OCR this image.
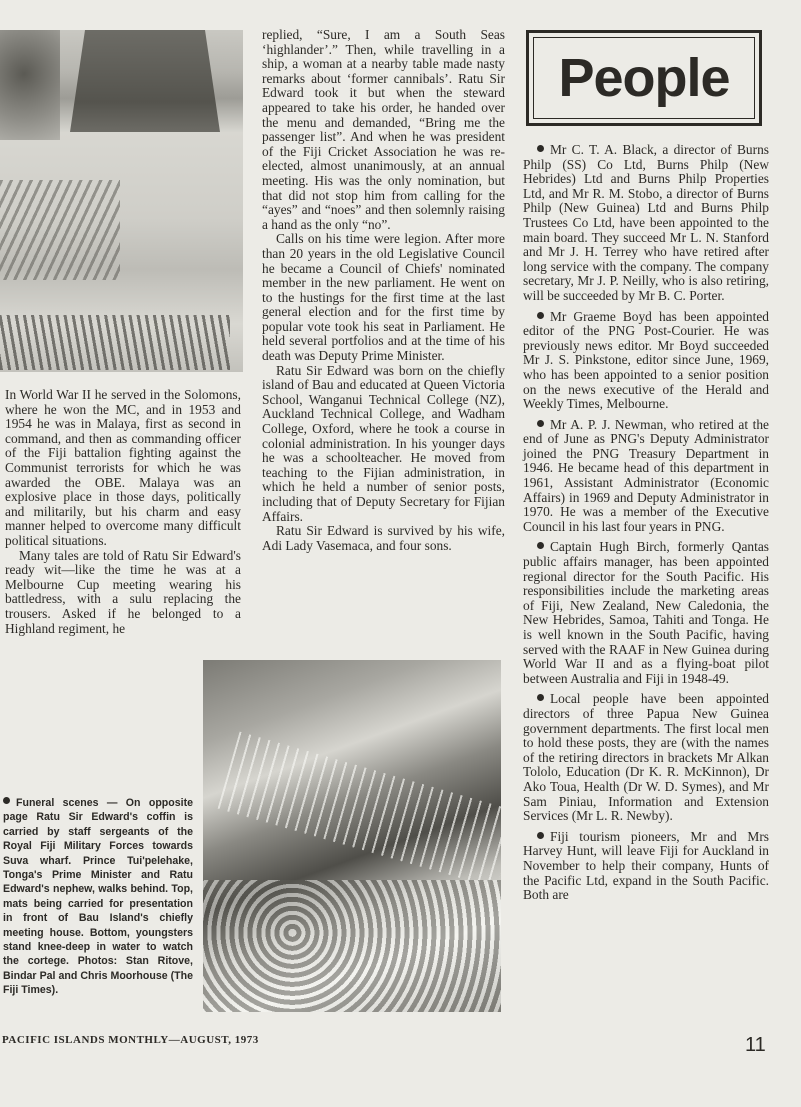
In World War II he served in the Solomons, where he won the MC, and in 1953 and 1954 he was in Malaya, first as second in command, and then as commanding officer of the Fiji battalion fighting against the Communist terrorists for which he was awarded the OBE. Malaya was an explosive place in those days, politically and militarily, but his charm and easy manner helped to overcome many difficult political situations.

Many tales are told of Ratu Sir Edward's ready wit—like the time he was at a Melbourne Cup meeting wearing his battledress, with a sulu replacing the trousers. Asked if he belonged to a Highland regiment, he

replied, “Sure, I am a South Seas ‘highlander’.” Then, while travelling in a ship, a woman at a nearby table made nasty remarks about ‘former cannibals’. Ratu Sir Edward took it but when the steward appeared to take his order, he handed over the menu and demanded, “Bring me the passenger list”. And when he was president of the Fiji Cricket Association he was re-elected, almost unanimously, at an annual meeting. His was the only nomination, but that did not stop him from calling for the “ayes” and “noes” and then solemnly raising a hand as the only “no”.

Calls on his time were legion. After more than 20 years in the old Legislative Council he became a Council of Chiefs' nominated member in the new parliament. He went on to the hustings for the first time at the last general election and for the first time by popular vote took his seat in Parliament. He held several portfolios and at the time of his death was Deputy Prime Minister.

Ratu Sir Edward was born on the chiefly island of Bau and educated at Queen Victoria School, Wanganui Technical College (NZ), Auckland Technical College, and Wadham College, Oxford, where he took a course in colonial administration. In his younger days he was a schoolteacher. He moved from teaching to the Fijian administration, in which he held a number of senior posts, including that of Deputy Secretary for Fijian Affairs.

Ratu Sir Edward is survived by his wife, Adi Lady Vasemaca, and four sons.

People

Mr C. T. A. Black, a director of Burns Philp (SS) Co Ltd, Burns Philp (New Hebrides) Ltd and Burns Philp Properties Ltd, and Mr R. M. Stobo, a director of Burns Philp (New Guinea) Ltd and Burns Philp Trustees Co Ltd, have been appointed to the main board. They succeed Mr L. N. Stanford and Mr J. H. Terrey who have retired after long service with the company. The company secretary, Mr J. P. Neilly, who is also retiring, will be succeeded by Mr B. C. Porter.

Mr Graeme Boyd has been appointed editor of the PNG Post-Courier. He was previously news editor. Mr Boyd succeeded Mr J. S. Pinkstone, editor since June, 1969, who has been appointed to a senior position on the news executive of the Herald and Weekly Times, Melbourne.

Mr A. P. J. Newman, who retired at the end of June as PNG's Deputy Administrator joined the PNG Treasury Department in 1946. He became head of this department in 1961, Assistant Administrator (Economic Affairs) in 1969 and Deputy Administrator in 1970. He was a member of the Executive Council in his last four years in PNG.

Captain Hugh Birch, formerly Qantas public affairs manager, has been appointed regional director for the South Pacific. His responsibilities include the marketing areas of Fiji, New Zealand, New Caledonia, the New Hebrides, Samoa, Tahiti and Tonga. He is well known in the South Pacific, having served with the RAAF in New Guinea during World War II and as a flying-boat pilot between Australia and Fiji in 1948-49.

Local people have been appointed directors of three Papua New Guinea government departments. The first local men to hold these posts, they are (with the names of the retiring directors in brackets Mr Alkan Tololo, Education (Dr K. R. McKinnon), Dr Ako Toua, Health (Dr W. D. Symes), and Mr Sam Piniau, Information and Extension Services (Mr L. R. Newby).

Fiji tourism pioneers, Mr and Mrs Harvey Hunt, will leave Fiji for Auckland in November to help their company, Hunts of the Pacific Ltd, expand in the South Pacific. Both are

Funeral scenes — On opposite page Ratu Sir Edward's coffin is carried by staff sergeants of the Royal Fiji Military Forces towards Suva wharf. Prince Tui'pelehake, Tonga's Prime Minister and Ratu Edward's nephew, walks behind. Top, mats being carried for presentation in front of Bau Island's chiefly meeting house. Bottom, youngsters stand knee-deep in water to watch the cortege. Photos: Stan Ritove, Bindar Pal and Chris Moorhouse (The Fiji Times).
PACIFIC ISLANDS MONTHLY—AUGUST, 1973	11
